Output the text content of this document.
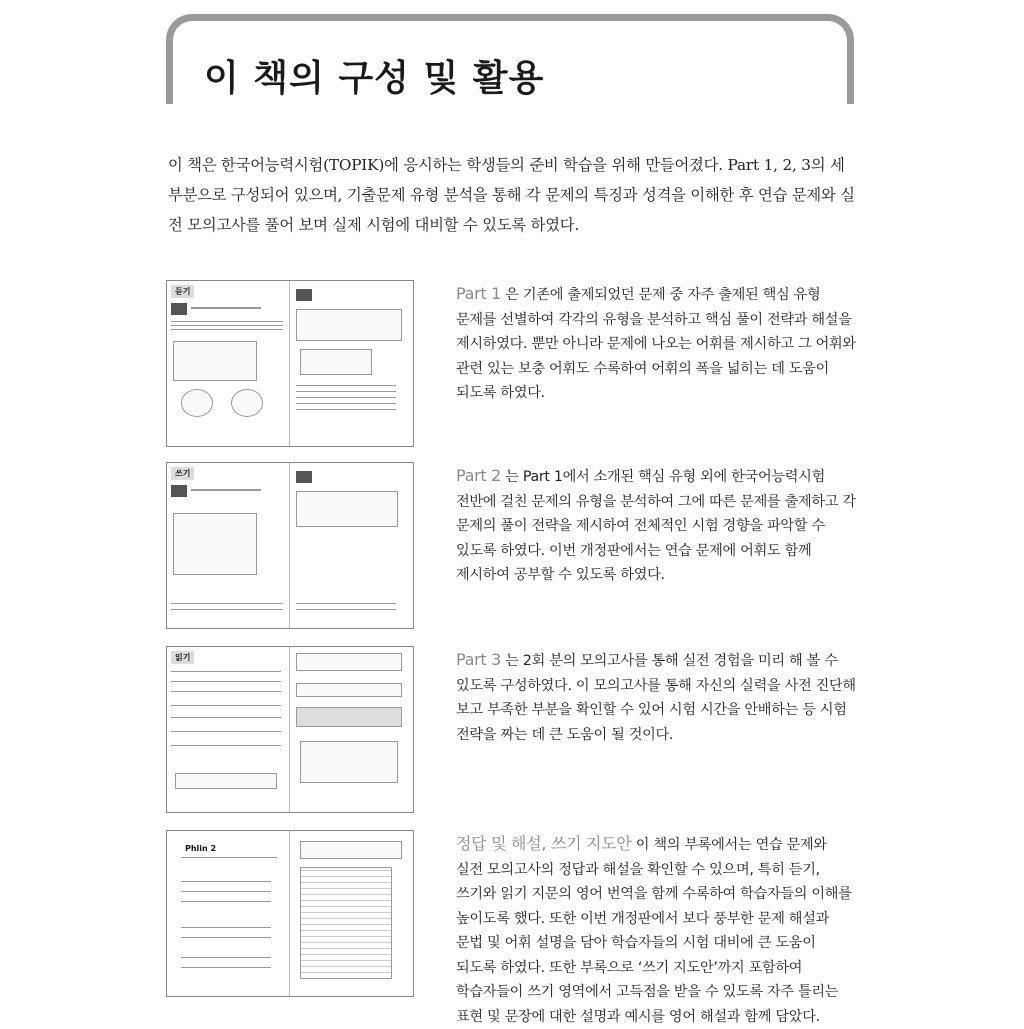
이 책의 구성 및 활용

이 책은 한국어능력시험(TOPIK)에 응시하는 학생들의 준비 학습을 위해 만들어졌다. Part 1, 2, 3의 세 부분으로 구성되어 있으며, 기출문제 유형 분석을 통해 각 문제의 특징과 성격을 이해한 후 연습 문제와 실전 모의고사를 풀어 보며 실제 시험에 대비할 수 있도록 하였다.

듣기	Part 1 은 기존에 출제되었던 문제 중 자주 출제된 핵심 유형 문제를 선별하여 각각의 유형을 분석하고 핵심 풀이 전략과 해설을 제시하였다. 뿐만 아니라 문제에 나오는 어휘를 제시하고 그 어휘와 관련 있는 보충 어휘도 수록하여 어휘의 폭을 넓히는 데 도움이 되도록 하였다.

쓰기	Part 2 는 Part 1에서 소개된 핵심 유형 외에 한국어능력시험 전반에 걸친 문제의 유형을 분석하여 그에 따른 문제를 출제하고 각 문제의 풀이 전략을 제시하여 전체적인 시험 경향을 파악할 수 있도록 하였다. 이번 개정판에서는 연습 문제에 어휘도 함께 제시하여 공부할 수 있도록 하였다.

읽기	Part 3 는 2회 분의 모의고사를 통해 실전 경험을 미리 해 볼 수 있도록 구성하였다. 이 모의고사를 통해 자신의 실력을 사전 진단해 보고 부족한 부분을 확인할 수 있어 시험 시간을 안배하는 등 시험 전략을 짜는 데 큰 도움이 될 것이다.

Phlin 2	정답 및 해설, 쓰기 지도안 이 책의 부록에서는 연습 문제와 실전 모의고사의 정답과 해설을 확인할 수 있으며, 특히 듣기, 쓰기와 읽기 지문의 영어 번역을 함께 수록하여 학습자들의 이해를 높이도록 했다. 또한 이번 개정판에서 보다 풍부한 문제 해설과 문법 및 어휘 설명을 담아 학습자들의 시험 대비에 큰 도움이 되도록 하였다. 또한 부록으로 ‘쓰기 지도안’까지 포함하여 학습자들이 쓰기 영역에서 고득점을 받을 수 있도록 자주 틀리는 표현 및 문장에 대한 설명과 예시를 영어 해설과 함께 담았다.
